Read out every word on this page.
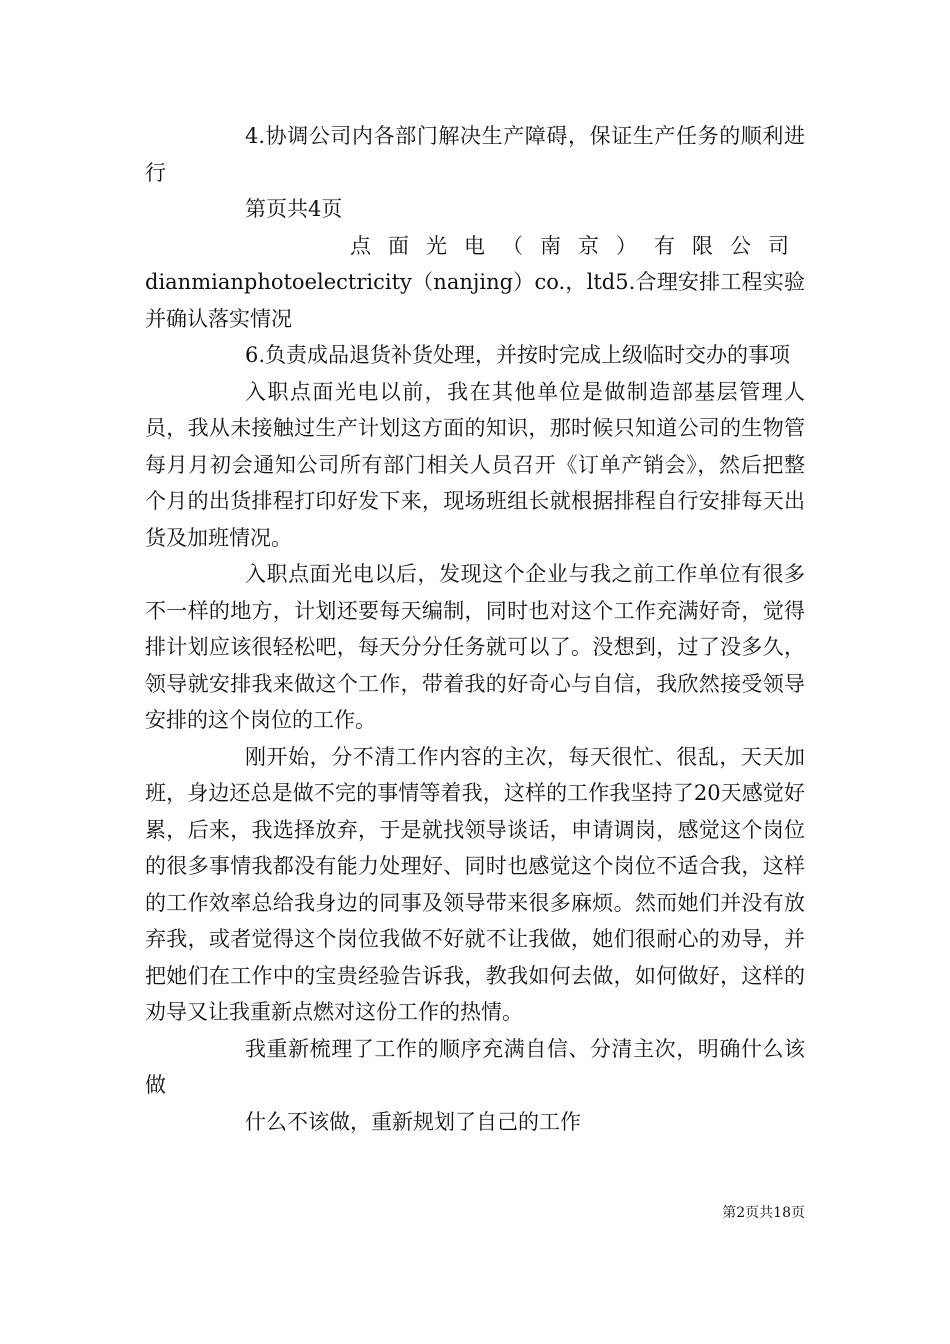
4.协调公司内各部门解决生产障碍，保证生产任务的顺利进行

第页共4页

点面光电（南京）有限公司

dianmianphotoelectricity（nanjing）co.，ltd5.合理安排工程实验并确认落实情况

6.负责成品退货补货处理，并按时完成上级临时交办的事项

入职点面光电以前，我在其他单位是做制造部基层管理人员，我从未接触过生产计划这方面的知识，那时候只知道公司的生物管每月月初会通知公司所有部门相关人员召开《订单产销会》，然后把整个月的出货排程打印好发下来，现场班组长就根据排程自行安排每天出货及加班情况。

入职点面光电以后，发现这个企业与我之前工作单位有很多不一样的地方，计划还要每天编制，同时也对这个工作充满好奇，觉得排计划应该很轻松吧，每天分分任务就可以了。没想到，过了没多久，领导就安排我来做这个工作，带着我的好奇心与自信，我欣然接受领导安排的这个岗位的工作。

刚开始，分不清工作内容的主次，每天很忙、很乱，天天加班，身边还总是做不完的事情等着我，这样的工作我坚持了20天感觉好累，后来，我选择放弃，于是就找领导谈话，申请调岗，感觉这个岗位的很多事情我都没有能力处理好、同时也感觉这个岗位不适合我，这样的工作效率总给我身边的同事及领导带来很多麻烦。然而她们并没有放弃我，或者觉得这个岗位我做不好就不让我做，她们很耐心的劝导，并把她们在工作中的宝贵经验告诉我，教我如何去做，如何做好，这样的劝导又让我重新点燃对这份工作的热情。

我重新梳理了工作的顺序充满自信、分清主次，明确什么该做

什么不该做，重新规划了自己的工作

第2页共18页
